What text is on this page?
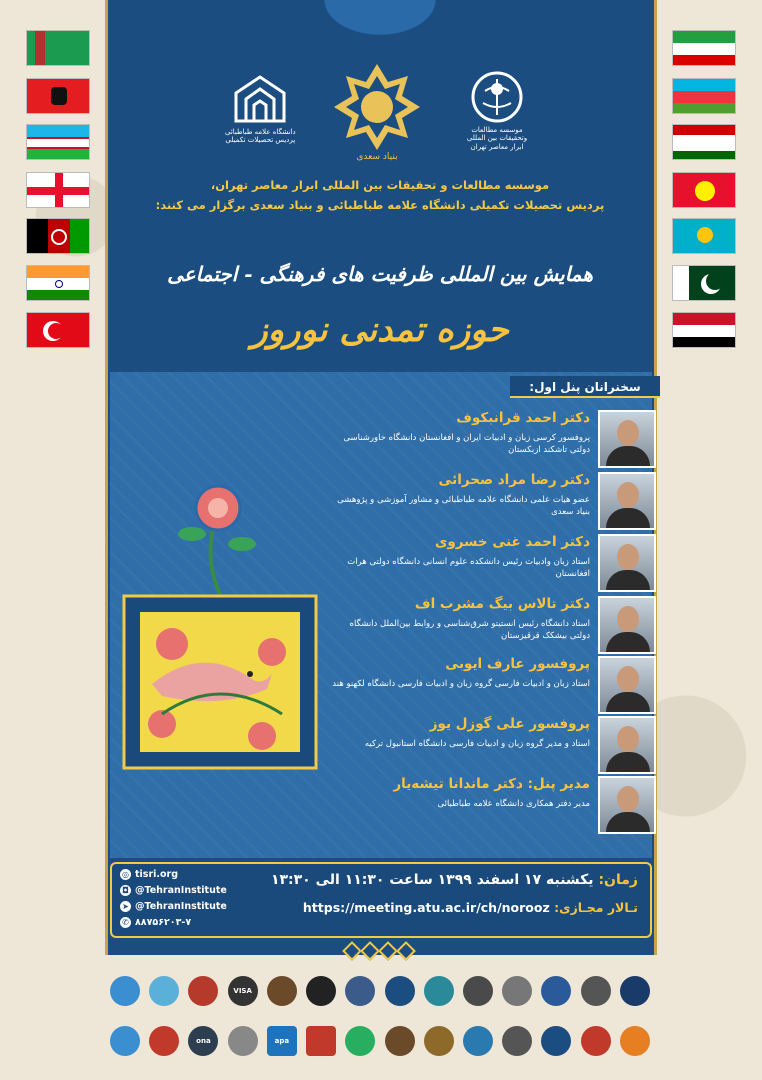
دانشگاه علامه طباطبائی
پردیس تحصیلات تکمیلی
بنیاد سعدی
موسسه مطالعات
وتحقیقات بین المللی
ابرار معاصر تهران
موسسه مطالعات و تحقیقات بین المللی ابرار معاصر تهران،
پردیس تحصیلات تکمیلی دانشگاه علامه طباطبائی و بنیاد سعدی برگزار می کنند:
همایش بین المللی ظرفیت های فرهنگی - اجتماعی
حوزه تمدنی نوروز
سخنرانان پنل اول:
دکتر احمد قرانبکوف
پروفسور کرسی زبان و ادبیات ایران و افغانستان دانشگاه خاورشناسی دولتی تاشکند ازبکستان
دکتر رضا مراد صحرائی
عضو هیات علمی دانشگاه علامه طباطبائی و مشاور آموزشی و پژوهشی بنیاد سعدی
دکتر احمد غنی خسروی
استاد زبان وادبیات رئیس دانشکده علوم انسانی دانشگاه دولتی هرات افغانستان
دکتر تالاس بیگ مشرب اف
استاد دانشگاه رئیس انستیتو شرق‌شناسی و روابط بین‌الملل دانشگاه دولتی بیشکک قرقیزستان
پروفسور عارف ایوبی
استاد زبان و ادبیات فارسی گروه زبان و ادبیات فارسی دانشگاه لکهنو هند
پروفسور علی گوزل یوز
استاد و مدیر گروه زبان و ادبیات فارسی دانشگاه استانبول ترکیه
مدیر پنل: دکتر ماندانا تیشه‌یار
مدیر دفتر همکاری دانشگاه علامه طباطبائی
زمان: یکشنبه ۱۷ اسفند ۱۳۹۹ ساعت ۱۱:۳۰ الی ۱۳:۳۰
تـالار مجـازی: https://meeting.atu.ac.ir/ch/norooz
◎ tisri.org
◘ @TehranInstitute
➤ @TehranInstitute
✆ ۸۸۷۵۶۲۰۳-۷
VISA
ona	apa
